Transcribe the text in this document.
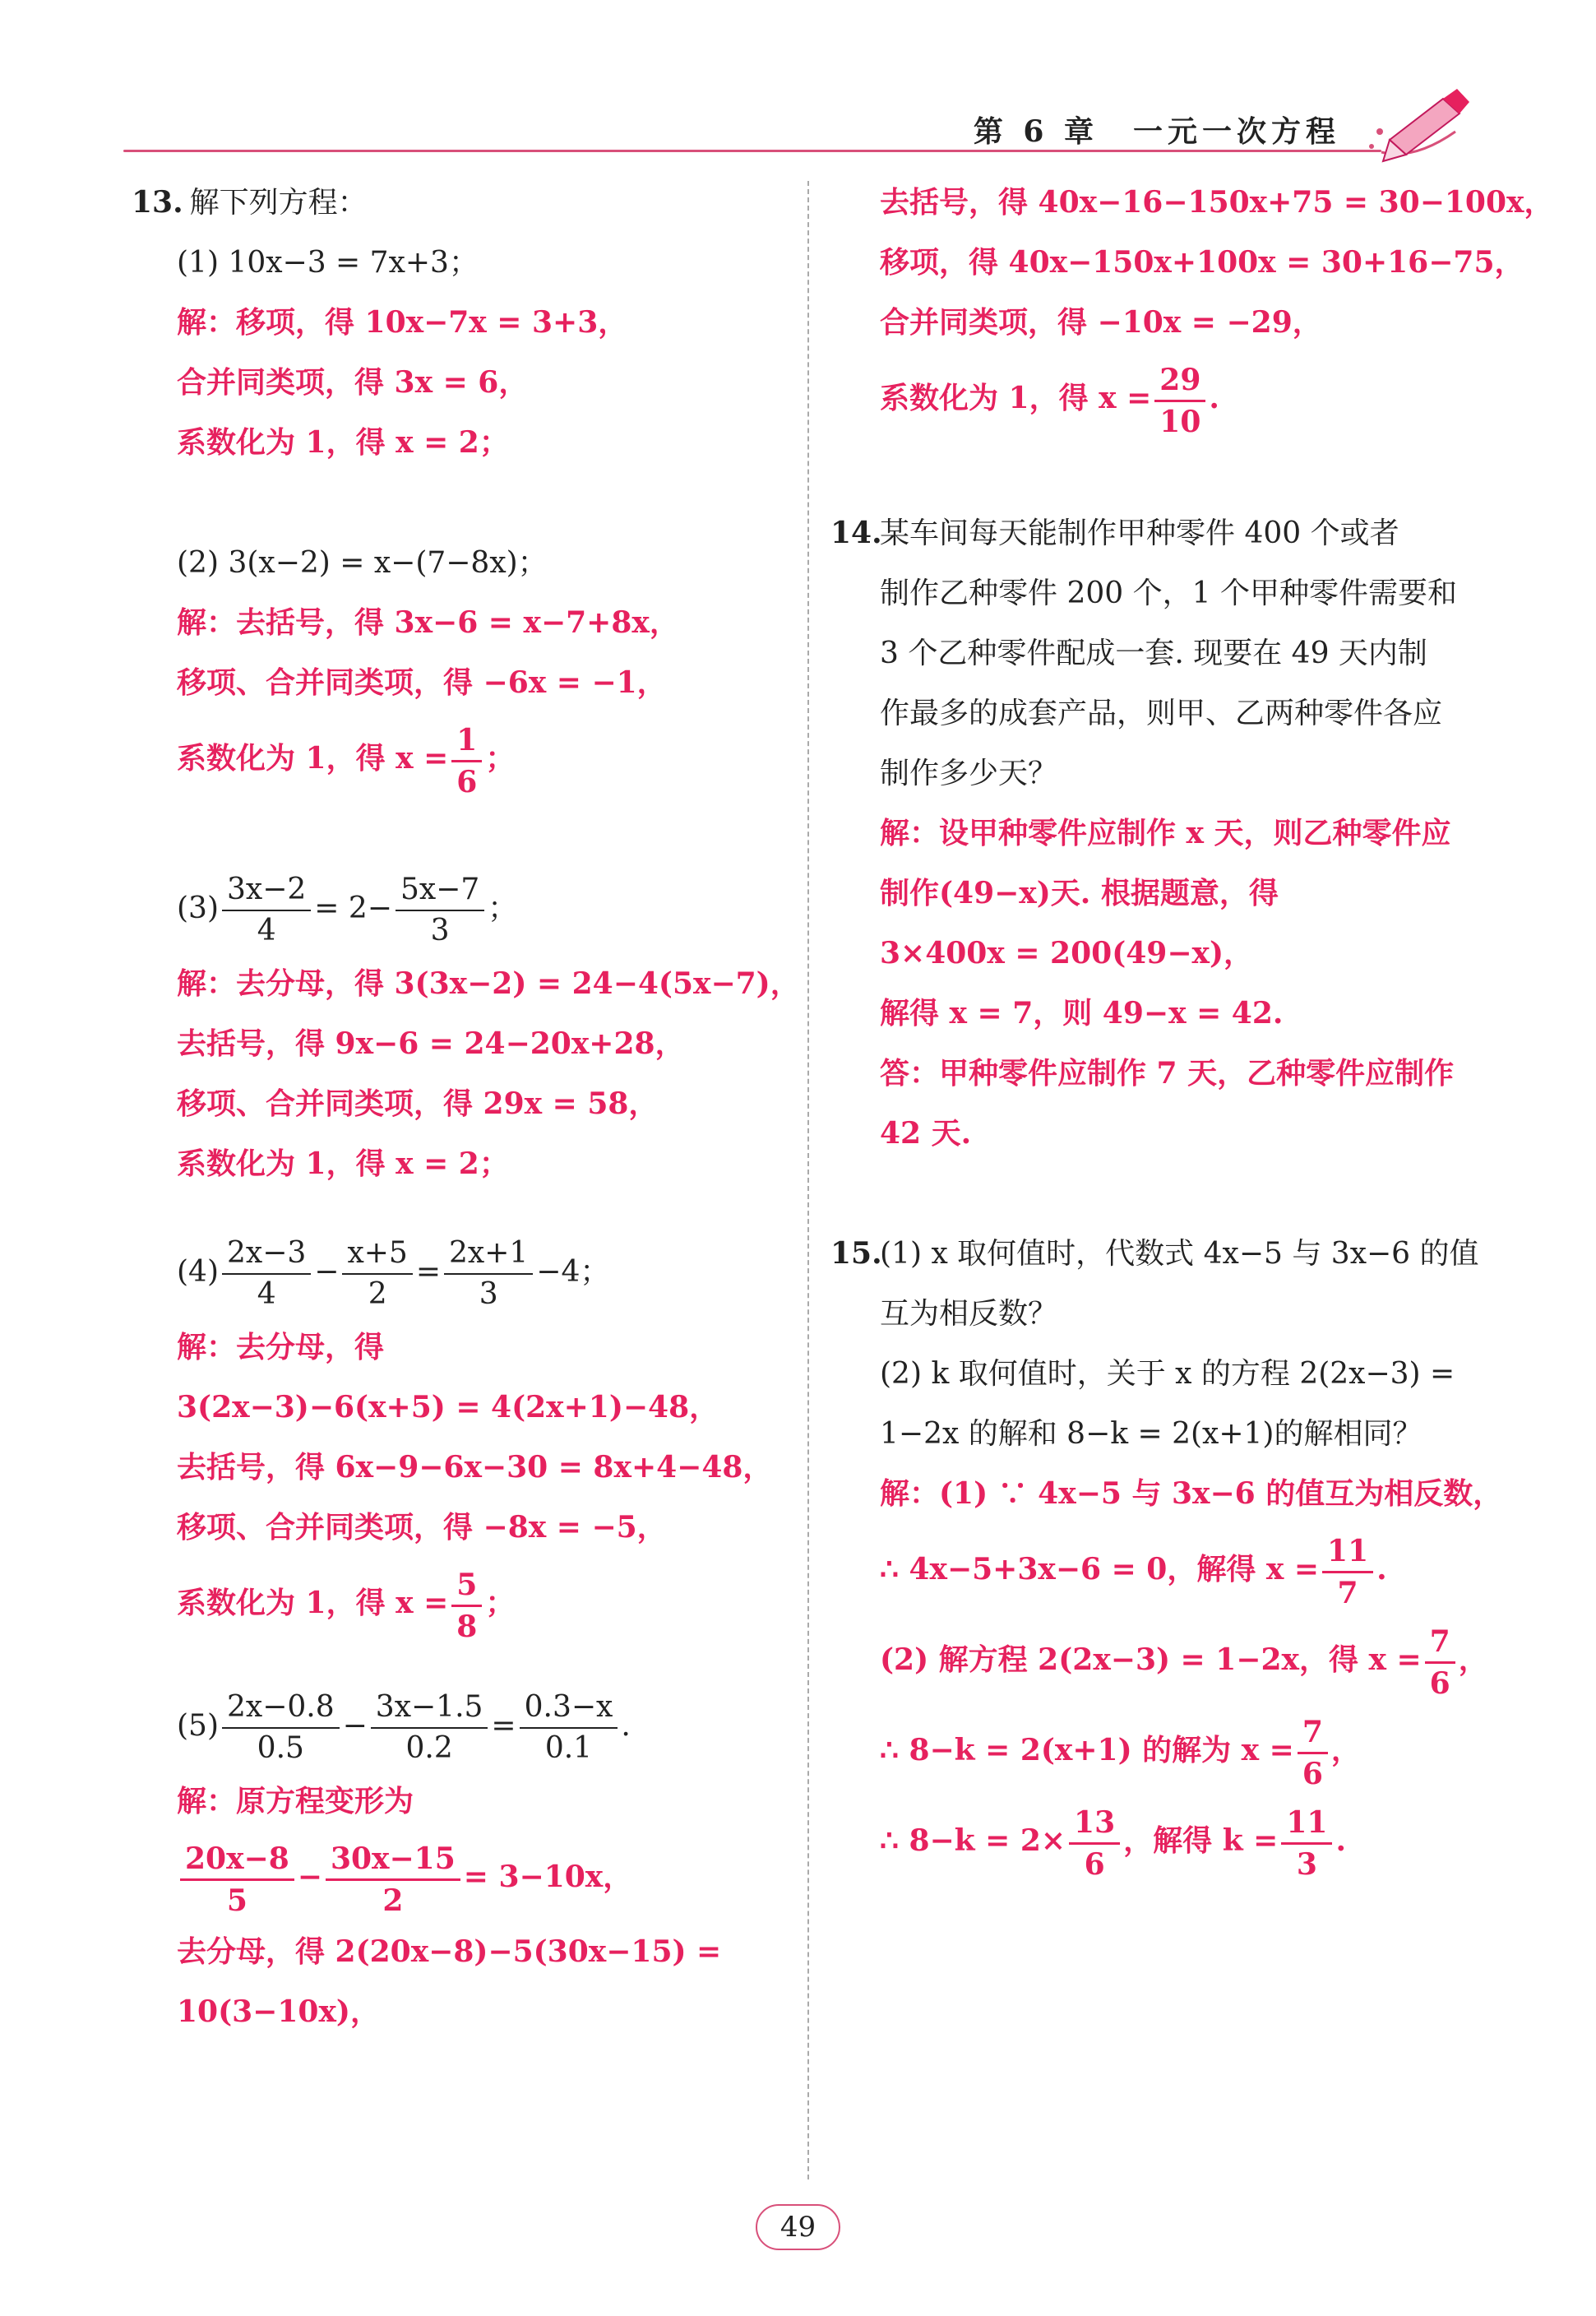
第 6 章　一元一次方程
13. 解下列方程：
(1) 10x−3 = 7x+3；
解：移项，得 10x−7x = 3+3，
合并同类项，得 3x = 6，
系数化为 1，得 x = 2；
(2) 3(x−2) = x−(7−8x)；
解：去括号，得 3x−6 = x−7+8x，
移项、合并同类项，得 −6x = −1，
系数化为 1，得 $x = \frac{1}{6}$ ；
$(3) \frac{3x-2}{4} = 2- \frac{5x-7}{3}$ ；
解：去分母，得 3(3x−2) = 24−4(5x−7)，
去括号，得 9x−6 = 24−20x+28，
移项、合并同类项，得 29x = 58，
系数化为 1，得 x = 2；
$(4) \frac{2x-3}{4} - \frac{x+5}{2} = \frac{2x+1}{3} -4$；
解：去分母，得
3(2x−3)−6(x+5) = 4(2x+1)−48，
去括号，得 6x−9−6x−30 = 8x+4−48，
移项、合并同类项，得 −8x = −5，
系数化为 1，得 $x = \frac{5}{8}$ ；
$(5) \frac{2x-0.8}{0.5} - \frac{3x-1.5}{0.2} = \frac{0.3-x}{0.1}$ .
解：原方程变形为
$\frac{20x-8}{5} - \frac{30x-15}{2} = 3-10x$，
去分母，得 2(20x−8)−5(30x−15) =
10(3−10x)，
去括号，得 40x−16−150x+75 = 30−100x，
移项，得 40x−150x+100x = 30+16−75，
合并同类项，得 −10x = −29，
系数化为 1，得 $x = \frac{29}{10}$ .
14.某车间每天能制作甲种零件 400 个或者
制作乙种零件 200 个，1 个甲种零件需要和
3 个乙种零件配成一套. 现要在 49 天内制
作最多的成套产品，则甲、乙两种零件各应
制作多少天？
解：设甲种零件应制作 x 天，则乙种零件应
制作(49−x)天. 根据题意，得
3×400x = 200(49−x)，
解得 x = 7，则 49−x = 42.
答：甲种零件应制作 7 天，乙种零件应制作
42 天.
15.(1) x 取何值时，代数式 4x−5 与 3x−6 的值
互为相反数？
(2) k 取何值时，关于 x 的方程 2(2x−3) =
1−2x 的解和 8−k = 2(x+1)的解相同？
解：(1) ∵ 4x−5 与 3x−6 的值互为相反数，
∴ 4x−5+3x−6 = 0，解得 $x = \frac{11}{7}$ .
(2) 解方程 2(2x−3) = 1−2x，得 $x = \frac{7}{6}$ ，
∴ 8−k = 2(x+1) 的解为 $x = \frac{7}{6}$ ，
∴ $8-k = 2\times \frac{13}{6}$ ，解得 $k = \frac{11}{3}$ .
49
